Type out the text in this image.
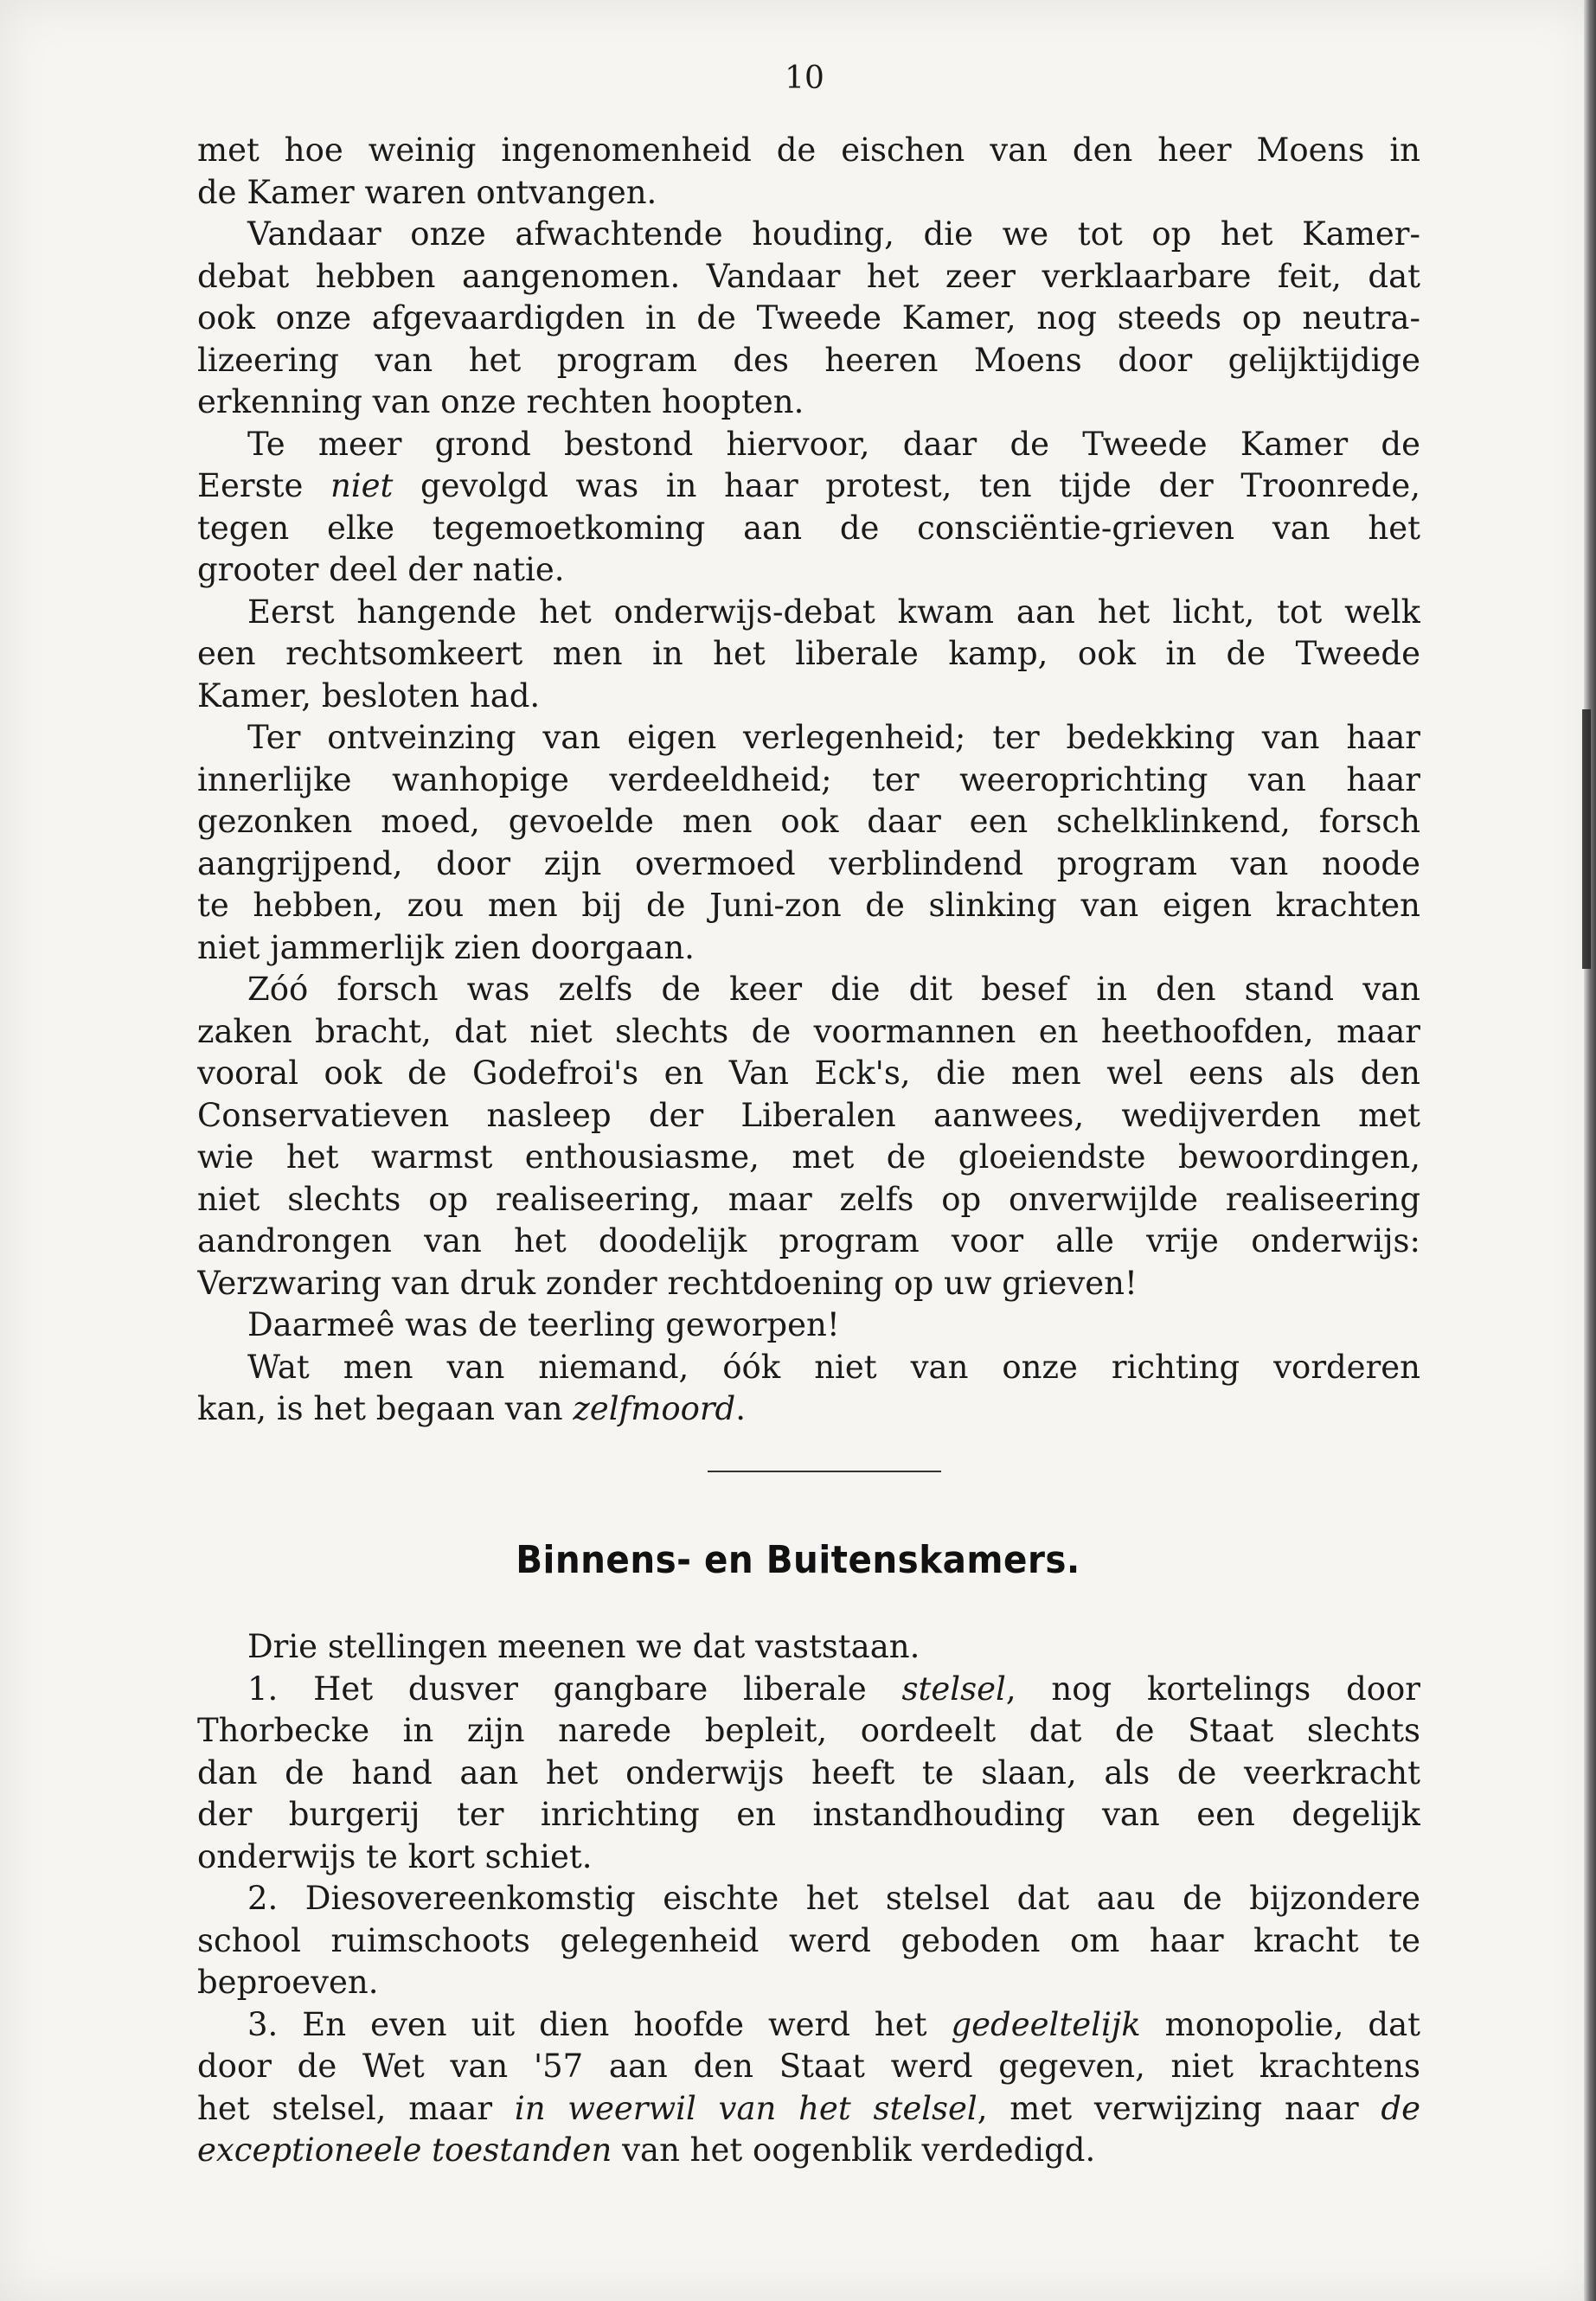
10
met hoe weinig ingenomenheid de eischen van den heer Moens in
de Kamer waren ontvangen.
Vandaar onze afwachtende houding, die we tot op het Kamer-
debat hebben aangenomen. Vandaar het zeer verklaarbare feit, dat
ook onze afgevaardigden in de Tweede Kamer, nog steeds op neutra-
lizeering van het program des heeren Moens door gelijktijdige
erkenning van onze rechten hoopten.
Te meer grond bestond hiervoor, daar de Tweede Kamer de
Eerste niet gevolgd was in haar protest, ten tijde der Troonrede,
tegen elke tegemoetkoming aan de consciëntie-grieven van het
grooter deel der natie.
Eerst hangende het onderwijs-debat kwam aan het licht, tot welk
een rechtsomkeert men in het liberale kamp, ook in de Tweede
Kamer, besloten had.
Ter ontveinzing van eigen verlegenheid; ter bedekking van haar
innerlijke wanhopige verdeeldheid; ter weeroprichting van haar
gezonken moed, gevoelde men ook daar een schelklinkend, forsch
aangrijpend, door zijn overmoed verblindend program van noode
te hebben, zou men bij de Juni-zon de slinking van eigen krachten
niet jammerlijk zien doorgaan.
Zóó forsch was zelfs de keer die dit besef in den stand van
zaken bracht, dat niet slechts de voormannen en heethoofden, maar
vooral ook de Godefroi's en Van Eck's, die men wel eens als den
Conservatieven nasleep der Liberalen aanwees, wedijverden met
wie het warmst enthousiasme, met de gloeiendste bewoordingen,
niet slechts op realiseering, maar zelfs op onverwijlde realiseering
aandrongen van het doodelijk program voor alle vrije onderwijs:
Verzwaring van druk zonder rechtdoening op uw grieven!
Daarmeê was de teerling geworpen!
Wat men van niemand, óók niet van onze richting vorderen
kan, is het begaan van zelfmoord.
Binnens- en Buitenskamers.
Drie stellingen meenen we dat vaststaan.
1. Het dusver gangbare liberale stelsel, nog kortelings door
Thorbecke in zijn narede bepleit, oordeelt dat de Staat slechts
dan de hand aan het onderwijs heeft te slaan, als de veerkracht
der burgerij ter inrichting en instandhouding van een degelijk
onderwijs te kort schiet.
2. Diesovereenkomstig eischte het stelsel dat aau de bijzondere
school ruimschoots gelegenheid werd geboden om haar kracht te
beproeven.
3. En even uit dien hoofde werd het gedeeltelijk monopolie, dat
door de Wet van '57 aan den Staat werd gegeven, niet krachtens
het stelsel, maar in weerwil van het stelsel, met verwijzing naar de
exceptioneele toestanden van het oogenblik verdedigd.
